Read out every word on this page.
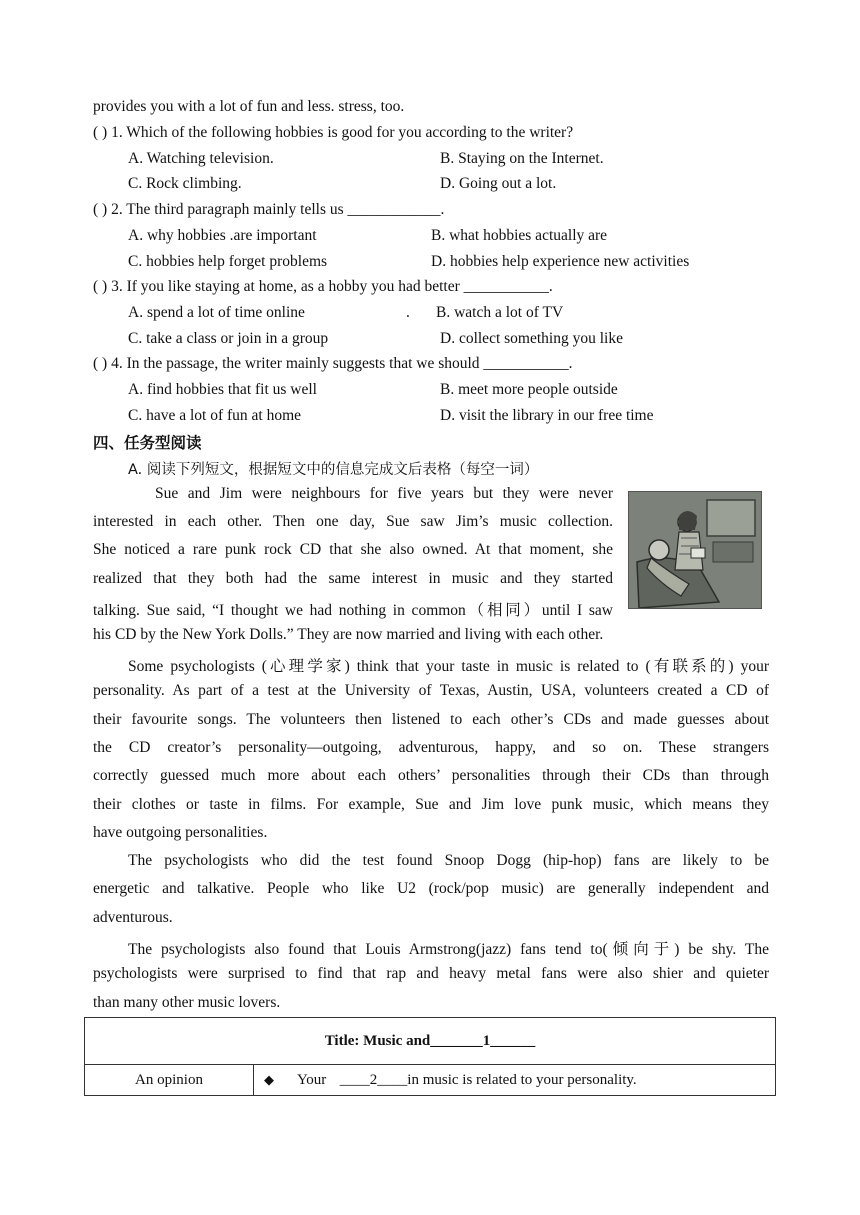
provides you with a lot of fun and less. stress, too.
( ) 1. Which of the following hobbies is good for you according to the writer?
A. Watching television.	B. Staying on the Internet.
C. Rock climbing.	D. Going out a lot.
( ) 2. The third paragraph mainly tells us ____________.
A. why hobbies .are important	B. what hobbies actually are
C. hobbies help forget problems	D. hobbies help experience new activities
( ) 3. If you like staying at home, as a hobby you had better ___________.
A. spend a lot of time online	. B. watch a lot of TV
C. take a class or join in a group	D. collect something you like
( ) 4. In the passage, the writer mainly suggests that we should ___________.
A. find hobbies that fit us well	B. meet more people outside
C. have a lot of fun at home	D. visit the library in our free time
四、任务型阅读
A. 阅读下列短文，根据短文中的信息完成文后表格（每空一词）
Sue and Jim were neighbours for five years but they were never
interested in each other. Then one day, Sue saw Jim’s music collection.
She noticed a rare punk rock CD that she also owned. At that moment, she
realized that they both had the same interest in music and they started
talking. Sue said, “I thought we had nothing in common（相同）until I saw
his CD by the New York Dolls.” They are now married and living with each other.
Some psychologists (心理学家) think that your taste in music is related to (有联系的) your
personality. As part of a test at the University of Texas, Austin, USA, volunteers created a CD of
their favourite songs. The volunteers then listened to each other’s CDs and made guesses about
the CD creator’s personality—outgoing, adventurous, happy, and so on. These strangers
correctly guessed much more about each others’ personalities through their CDs than through
their clothes or taste in films. For example, Sue and Jim love punk music, which means they
have outgoing personalities.
The psychologists who did the test found Snoop Dogg (hip-hop) fans are likely to be
energetic and talkative. People who like U2 (rock/pop music) are generally independent and
adventurous.
The psychologists also found that Louis Armstrong(jazz) fans tend to(倾向于) be shy. The
psychologists were surprised to find that rap and heavy metal fans were also shier and quieter
than many other music lovers.
Title: Music and_______1______
An opinion	◆ Your ____2____in music is related to your personality.
